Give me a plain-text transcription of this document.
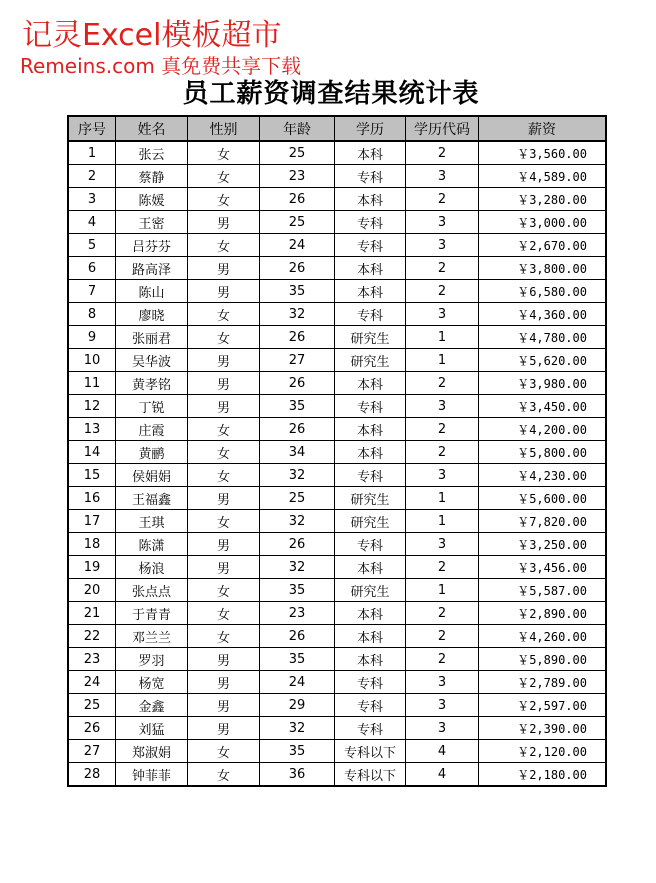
记灵Excel模板超市
Remeins.com 真免费共享下载
员工薪资调查结果统计表
序号	姓名	性别	年龄	学历	学历代码	薪资
1	张云	女	25	本科	2	￥3,560.00
2	蔡静	女	23	专科	3	￥4,589.00
3	陈媛	女	26	本科	2	￥3,280.00
4	王密	男	25	专科	3	￥3,000.00
5	吕芬芬	女	24	专科	3	￥2,670.00
6	路高泽	男	26	本科	2	￥3,800.00
7	陈山	男	35	本科	2	￥6,580.00
8	廖晓	女	32	专科	3	￥4,360.00
9	张丽君	女	26	研究生	1	￥4,780.00
10	吴华波	男	27	研究生	1	￥5,620.00
11	黄孝铭	男	26	本科	2	￥3,980.00
12	丁锐	男	35	专科	3	￥3,450.00
13	庄霞	女	26	本科	2	￥4,200.00
14	黄鹂	女	34	本科	2	￥5,800.00
15	侯娟娟	女	32	专科	3	￥4,230.00
16	王福鑫	男	25	研究生	1	￥5,600.00
17	王琪	女	32	研究生	1	￥7,820.00
18	陈潇	男	26	专科	3	￥3,250.00
19	杨浪	男	32	本科	2	￥3,456.00
20	张点点	女	35	研究生	1	￥5,587.00
21	于青青	女	23	本科	2	￥2,890.00
22	邓兰兰	女	26	本科	2	￥4,260.00
23	罗羽	男	35	本科	2	￥5,890.00
24	杨宽	男	24	专科	3	￥2,789.00
25	金鑫	男	29	专科	3	￥2,597.00
26	刘猛	男	32	专科	3	￥2,390.00
27	郑淑娟	女	35	专科以下	4	￥2,120.00
28	钟菲菲	女	36	专科以下	4	￥2,180.00
